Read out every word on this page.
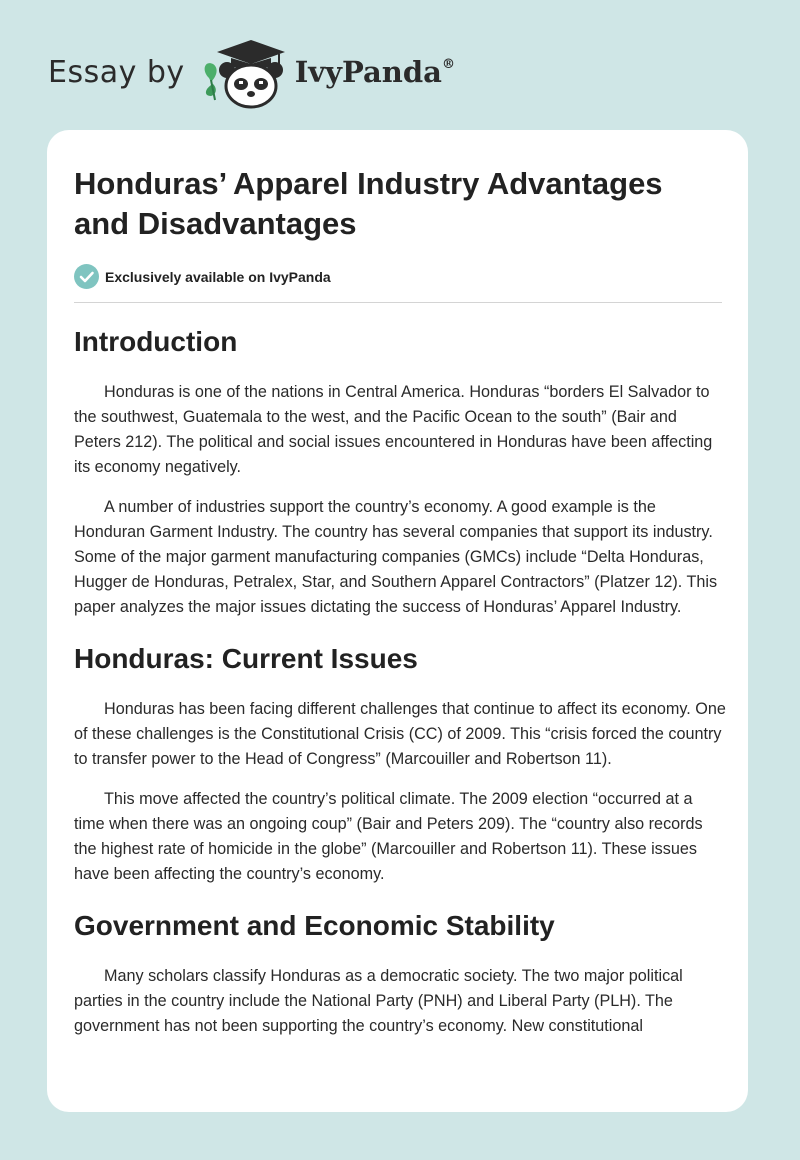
Essay by	IvyPanda®
Honduras’ Apparel Industry Advantages and Disadvantages
Exclusively available on IvyPanda
Introduction

Honduras is one of the nations in Central America. Honduras “borders El Salvador to the southwest, Guatemala to the west, and the Pacific Ocean to the south” (Bair and Peters 212). The political and social issues encountered in Honduras have been affecting its economy negatively.

A number of industries support the country’s economy. A good example is the Honduran Garment Industry. The country has several companies that support its industry. Some of the major garment manufacturing companies (GMCs) include “Delta Honduras, Hugger de Honduras, Petralex, Star, and Southern Apparel Contractors” (Platzer 12). This paper analyzes the major issues dictating the success of Honduras’ Apparel Industry.

Honduras: Current Issues

Honduras has been facing different challenges that continue to affect its economy. One of these challenges is the Constitutional Crisis (CC) of 2009. This “crisis forced the country to transfer power to the Head of Congress” (Marcouiller and Robertson 11).

This move affected the country’s political climate. The 2009 election “occurred at a time when there was an ongoing coup” (Bair and Peters 209). The “country also records the highest rate of homicide in the globe” (Marcouiller and Robertson 11). These issues have been affecting the country’s economy.

Government and Economic Stability

Many scholars classify Honduras as a democratic society. The two major political parties in the country include the National Party (PNH) and Liberal Party (PLH). The government has not been supporting the country’s economy. New constitutional
